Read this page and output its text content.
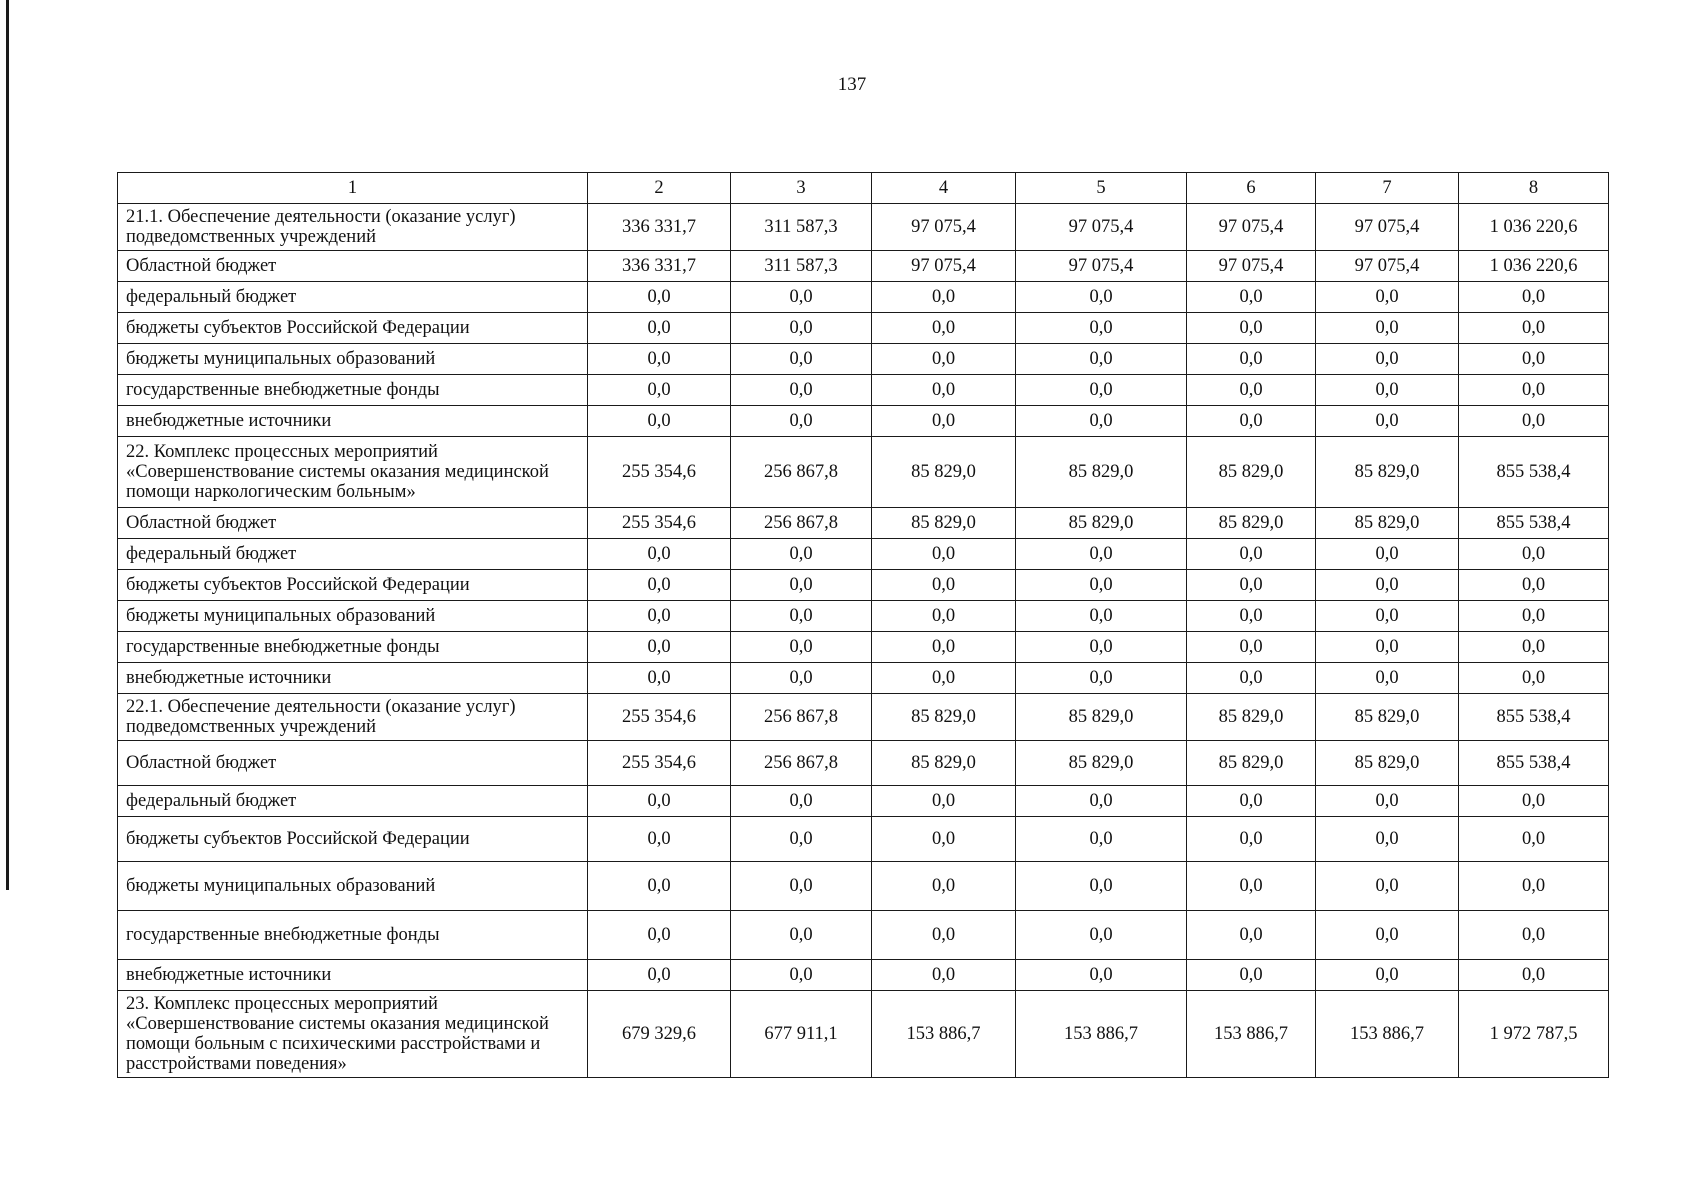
137
1	2	3	4	5	6	7	8
21.1. Обеспечение деятельности (оказание услуг) подведомственных учреждений	336 331,7	311 587,3	97 075,4	97 075,4	97 075,4	97 075,4	1 036 220,6
Областной бюджет	336 331,7	311 587,3	97 075,4	97 075,4	97 075,4	97 075,4	1 036 220,6
федеральный бюджет	0,0	0,0	0,0	0,0	0,0	0,0	0,0
бюджеты субъектов Российской Федерации	0,0	0,0	0,0	0,0	0,0	0,0	0,0
бюджеты муниципальных образований	0,0	0,0	0,0	0,0	0,0	0,0	0,0
государственные внебюджетные фонды	0,0	0,0	0,0	0,0	0,0	0,0	0,0
внебюджетные источники	0,0	0,0	0,0	0,0	0,0	0,0	0,0
22. Комплекс процессных мероприятий «Совершенствование системы оказания медицинской помощи наркологическим больным»	255 354,6	256 867,8	85 829,0	85 829,0	85 829,0	85 829,0	855 538,4
Областной бюджет	255 354,6	256 867,8	85 829,0	85 829,0	85 829,0	85 829,0	855 538,4
федеральный бюджет	0,0	0,0	0,0	0,0	0,0	0,0	0,0
бюджеты субъектов Российской Федерации	0,0	0,0	0,0	0,0	0,0	0,0	0,0
бюджеты муниципальных образований	0,0	0,0	0,0	0,0	0,0	0,0	0,0
государственные внебюджетные фонды	0,0	0,0	0,0	0,0	0,0	0,0	0,0
внебюджетные источники	0,0	0,0	0,0	0,0	0,0	0,0	0,0
22.1. Обеспечение деятельности (оказание услуг) подведомственных учреждений	255 354,6	256 867,8	85 829,0	85 829,0	85 829,0	85 829,0	855 538,4
Областной бюджет	255 354,6	256 867,8	85 829,0	85 829,0	85 829,0	85 829,0	855 538,4
федеральный бюджет	0,0	0,0	0,0	0,0	0,0	0,0	0,0
бюджеты субъектов Российской Федерации	0,0	0,0	0,0	0,0	0,0	0,0	0,0
бюджеты муниципальных образований	0,0	0,0	0,0	0,0	0,0	0,0	0,0
государственные внебюджетные фонды	0,0	0,0	0,0	0,0	0,0	0,0	0,0
внебюджетные источники	0,0	0,0	0,0	0,0	0,0	0,0	0,0
23. Комплекс процессных мероприятий «Совершенствование системы оказания медицинской помощи больным с психическими расстройствами и расстройствами поведения»	679 329,6	677 911,1	153 886,7	153 886,7	153 886,7	153 886,7	1 972 787,5
